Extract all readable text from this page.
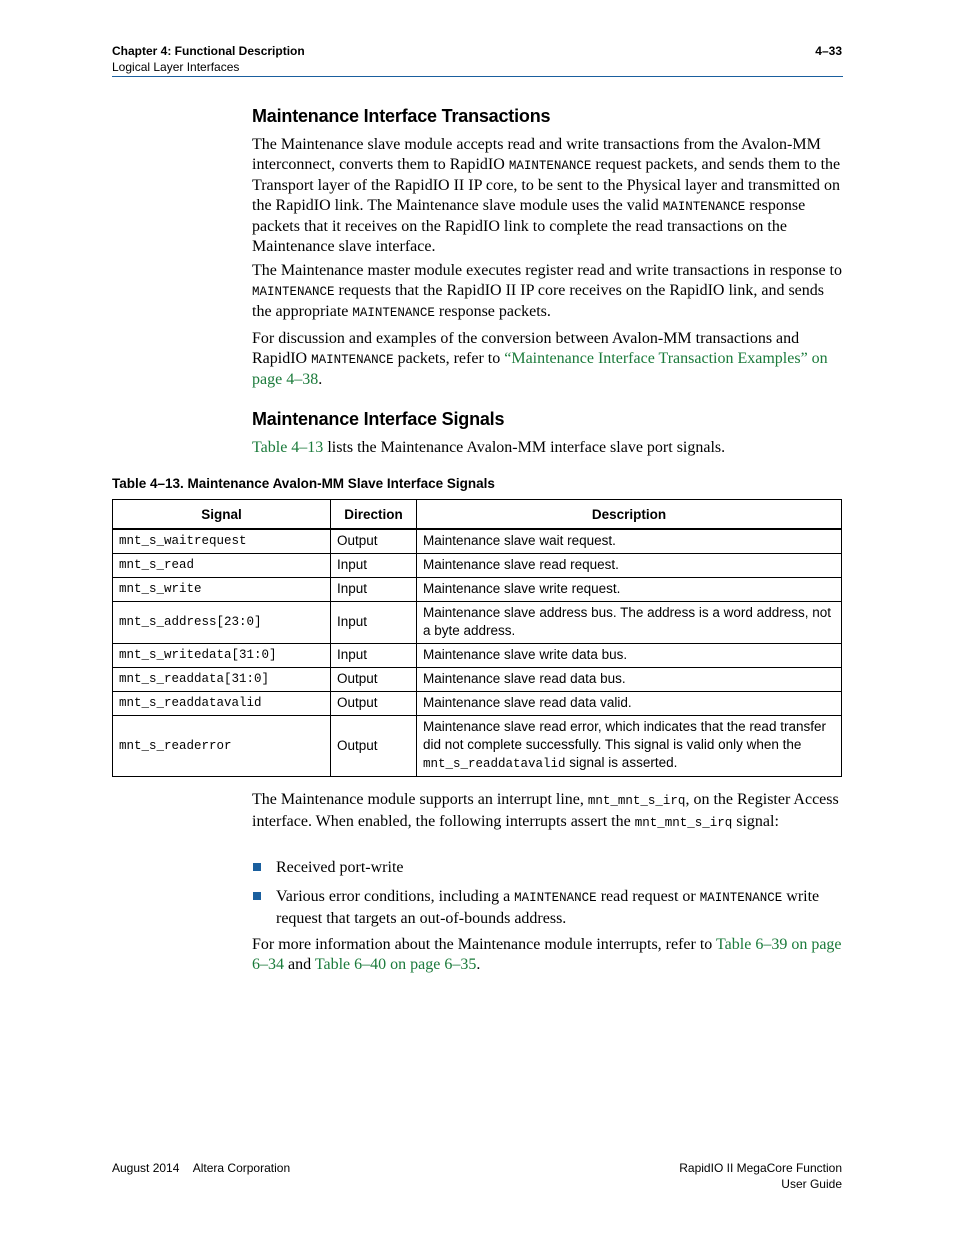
Chapter 4: Functional Description
Logical Layer Interfaces
4–33
Maintenance Interface Transactions

The Maintenance slave module accepts read and write transactions from the Avalon-MM interconnect, converts them to RapidIO MAINTENANCE request packets, and sends them to the Transport layer of the RapidIO II IP core, to be sent to the Physical layer and transmitted on the RapidIO link. The Maintenance slave module uses the valid MAINTENANCE response packets that it receives on the RapidIO link to complete the read transactions on the Maintenance slave interface.

The Maintenance master module executes register read and write transactions in response to MAINTENANCE requests that the RapidIO II IP core receives on the RapidIO link, and sends the appropriate MAINTENANCE response packets.

For discussion and examples of the conversion between Avalon-MM transactions and RapidIO MAINTENANCE packets, refer to “Maintenance Interface Transaction Examples” on page 4–38.

Maintenance Interface Signals

Table 4–13 lists the Maintenance Avalon-MM interface slave port signals.

Table 4–13. Maintenance Avalon-MM Slave Interface Signals
Signal	Direction	Description
mnt_s_waitrequest	Output	Maintenance slave wait request.
mnt_s_read	Input	Maintenance slave read request.
mnt_s_write	Input	Maintenance slave write request.
mnt_s_address[23:0]	Input	Maintenance slave address bus. The address is a word address, not a byte address.
mnt_s_writedata[31:0]	Input	Maintenance slave write data bus.
mnt_s_readdata[31:0]	Output	Maintenance slave read data bus.
mnt_s_readdatavalid	Output	Maintenance slave read data valid.
mnt_s_readerror	Output	Maintenance slave read error, which indicates that the read transfer did not complete successfully. This signal is valid only when the mnt_s_readdatavalid signal is asserted.

The Maintenance module supports an interrupt line, mnt_mnt_s_irq, on the Register Access interface. When enabled, the following interrupts assert the mnt_mnt_s_irq signal:

Received port-write
Various error conditions, including a MAINTENANCE read request or MAINTENANCE write request that targets an out-of-bounds address.

For more information about the Maintenance module interrupts, refer to Table 6–39 on page 6–34 and Table 6–40 on page 6–35.

August 2014 Altera Corporation	RapidIO II MegaCore Function
User Guide
